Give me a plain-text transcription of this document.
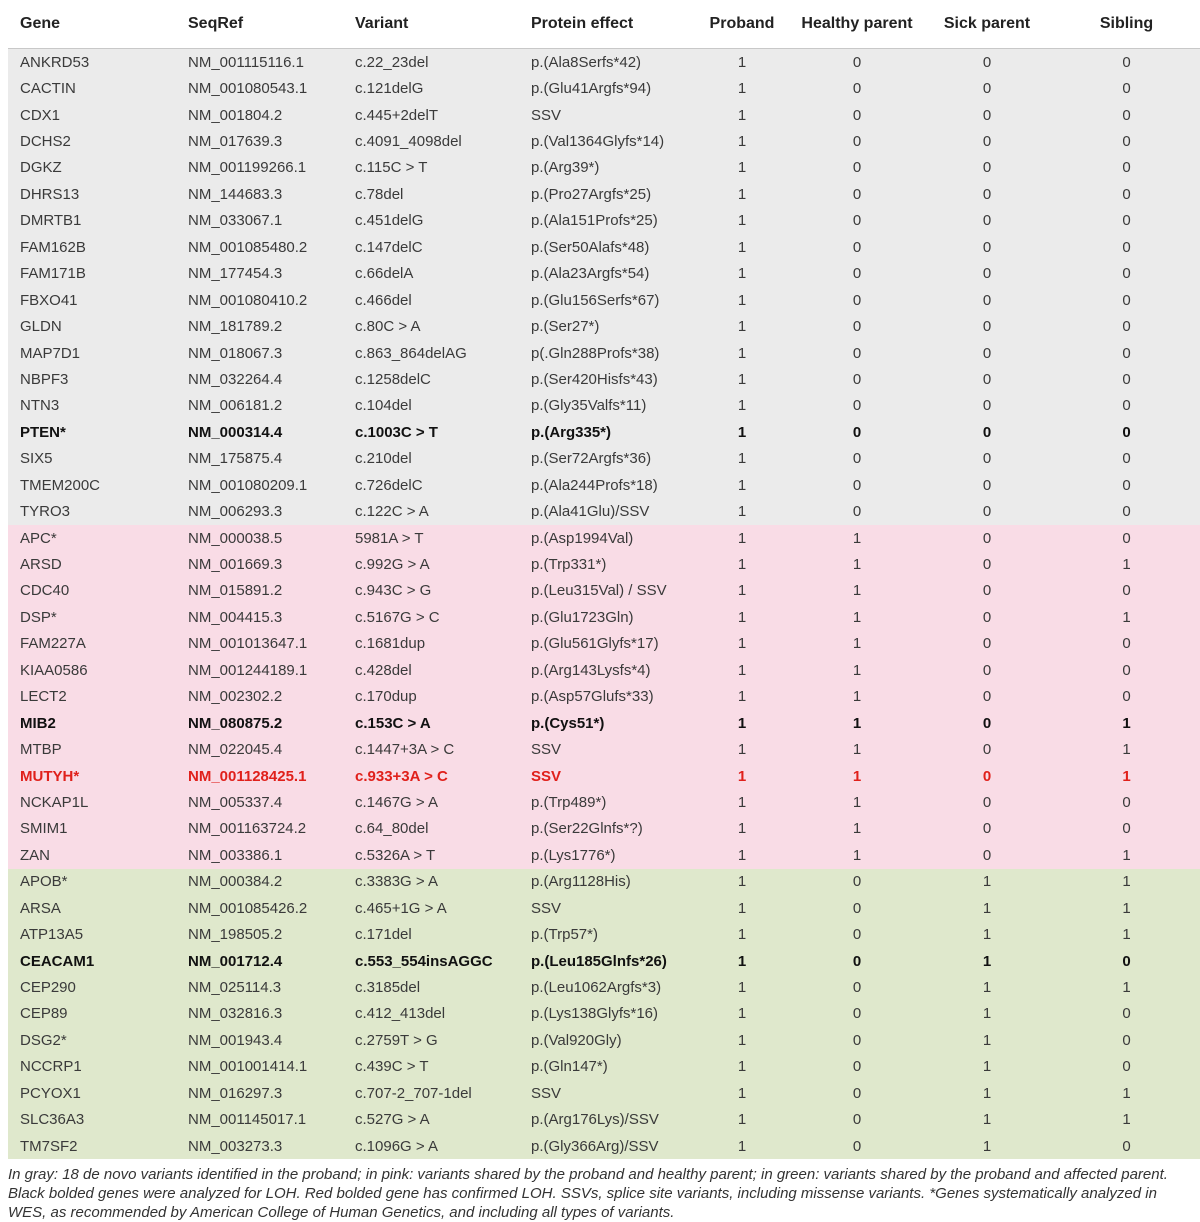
Gene	SeqRef	Variant	Protein effect	Proband	Healthy parent	Sick parent	Sibling
ANKRD53	NM_001115116.1	c.22_23del	p.(Ala8Serfs*42)	1	0	0	0
CACTIN	NM_001080543.1	c.121delG	p.(Glu41Argfs*94)	1	0	0	0
CDX1	NM_001804.2	c.445+2delT	SSV	1	0	0	0
DCHS2	NM_017639.3	c.4091_4098del	p.(Val1364Glyfs*14)	1	0	0	0
DGKZ	NM_001199266.1	c.115C > T	p.(Arg39*)	1	0	0	0
DHRS13	NM_144683.3	c.78del	p.(Pro27Argfs*25)	1	0	0	0
DMRTB1	NM_033067.1	c.451delG	p.(Ala151Profs*25)	1	0	0	0
FAM162B	NM_001085480.2	c.147delC	p.(Ser50Alafs*48)	1	0	0	0
FAM171B	NM_177454.3	c.66delA	p.(Ala23Argfs*54)	1	0	0	0
FBXO41	NM_001080410.2	c.466del	p.(Glu156Serfs*67)	1	0	0	0
GLDN	NM_181789.2	c.80C > A	p.(Ser27*)	1	0	0	0
MAP7D1	NM_018067.3	c.863_864delAG	p(.Gln288Profs*38)	1	0	0	0
NBPF3	NM_032264.4	c.1258delC	p.(Ser420Hisfs*43)	1	0	0	0
NTN3	NM_006181.2	c.104del	p.(Gly35Valfs*11)	1	0	0	0
PTEN*	NM_000314.4	c.1003C > T	p.(Arg335*)	1	0	0	0
SIX5	NM_175875.4	c.210del	p.(Ser72Argfs*36)	1	0	0	0
TMEM200C	NM_001080209.1	c.726delC	p.(Ala244Profs*18)	1	0	0	0
TYRO3	NM_006293.3	c.122C > A	p.(Ala41Glu)/SSV	1	0	0	0
APC*	NM_000038.5	5981A > T	p.(Asp1994Val)	1	1	0	0
ARSD	NM_001669.3	c.992G > A	p.(Trp331*)	1	1	0	1
CDC40	NM_015891.2	c.943C > G	p.(Leu315Val) / SSV	1	1	0	0
DSP*	NM_004415.3	c.5167G > C	p.(Glu1723Gln)	1	1	0	1
FAM227A	NM_001013647.1	c.1681dup	p.(Glu561Glyfs*17)	1	1	0	0
KIAA0586	NM_001244189.1	c.428del	p.(Arg143Lysfs*4)	1	1	0	0
LECT2	NM_002302.2	c.170dup	p.(Asp57Glufs*33)	1	1	0	0
MIB2	NM_080875.2	c.153C > A	p.(Cys51*)	1	1	0	1
MTBP	NM_022045.4	c.1447+3A > C	SSV	1	1	0	1
MUTYH*	NM_001128425.1	c.933+3A > C	SSV	1	1	0	1
NCKAP1L	NM_005337.4	c.1467G > A	p.(Trp489*)	1	1	0	0
SMIM1	NM_001163724.2	c.64_80del	p.(Ser22Glnfs*?)	1	1	0	0
ZAN	NM_003386.1	c.5326A > T	p.(Lys1776*)	1	1	0	1
APOB*	NM_000384.2	c.3383G > A	p.(Arg1128His)	1	0	1	1
ARSA	NM_001085426.2	c.465+1G > A	SSV	1	0	1	1
ATP13A5	NM_198505.2	c.171del	p.(Trp57*)	1	0	1	1
CEACAM1	NM_001712.4	c.553_554insAGGC	p.(Leu185Glnfs*26)	1	0	1	0
CEP290	NM_025114.3	c.3185del	p.(Leu1062Argfs*3)	1	0	1	1
CEP89	NM_032816.3	c.412_413del	p.(Lys138Glyfs*16)	1	0	1	0
DSG2*	NM_001943.4	c.2759T > G	p.(Val920Gly)	1	0	1	0
NCCRP1	NM_001001414.1	c.439C > T	p.(Gln147*)	1	0	1	0
PCYOX1	NM_016297.3	c.707-2_707-1del	SSV	1	0	1	1
SLC36A3	NM_001145017.1	c.527G > A	p.(Arg176Lys)/SSV	1	0	1	1
TM7SF2	NM_003273.3	c.1096G > A	p.(Gly366Arg)/SSV	1	0	1	0
In gray: 18 de novo variants identified in the proband; in pink: variants shared by the proband and healthy parent; in green: variants shared by the proband and affected parent. Black bolded genes were analyzed for LOH. Red bolded gene has confirmed LOH. SSVs, splice site variants, including missense variants. *Genes systematically analyzed in WES, as recommended by American College of Human Genetics, and including all types of variants.
